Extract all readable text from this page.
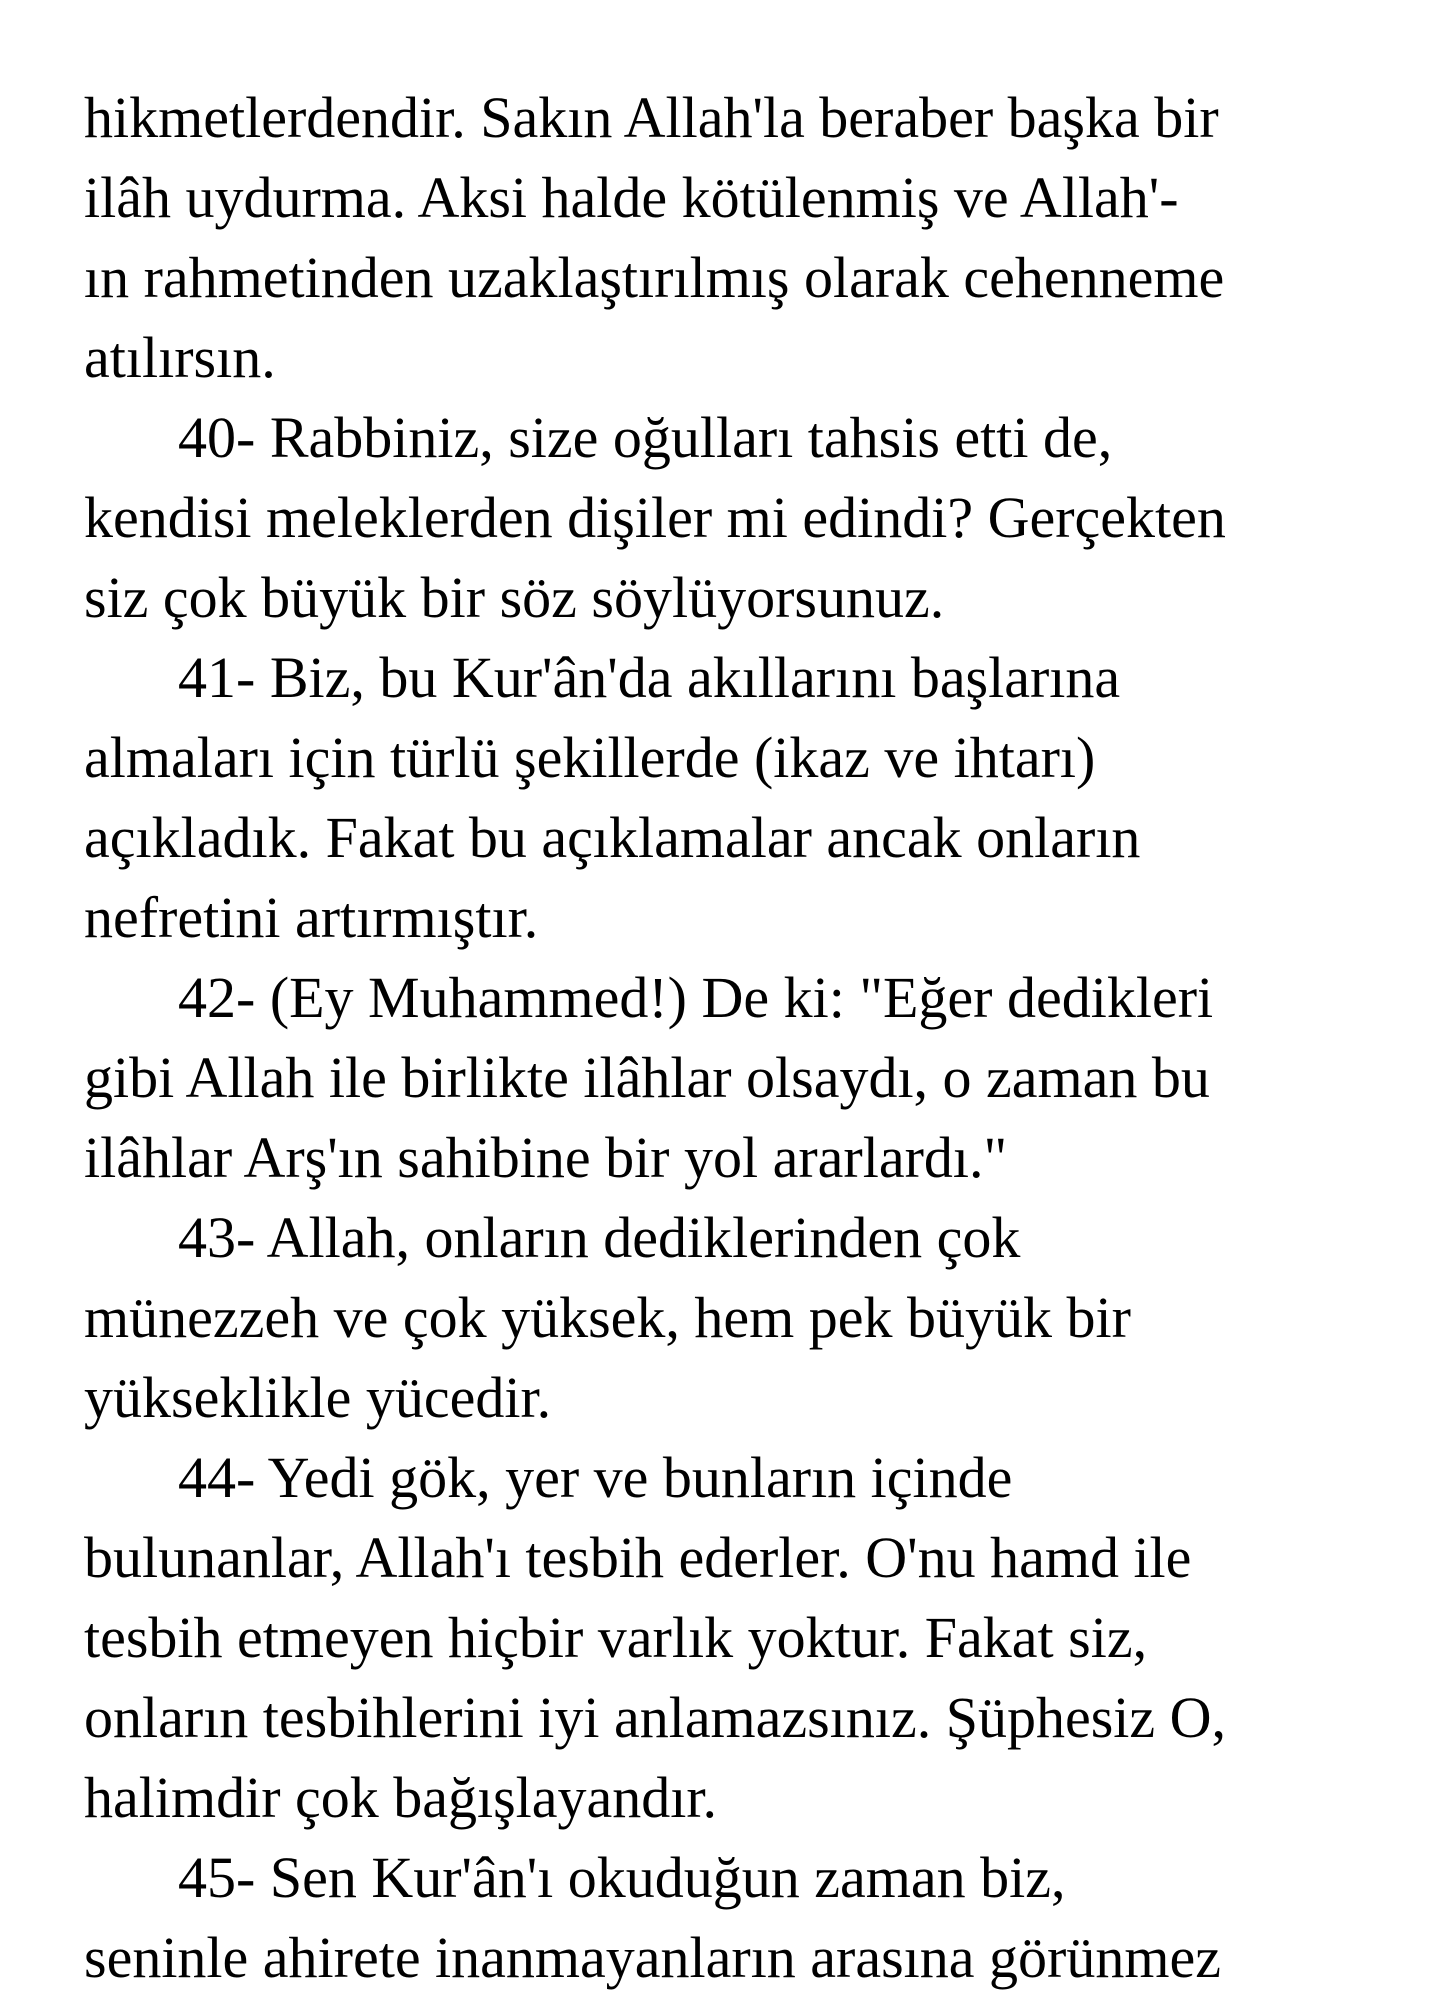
hikmetlerdendir. Sakın Allah'la beraber başka bir
ilâh uydurma. Aksi halde kötülenmiş ve Allah'-
ın rahmetinden uzaklaştırılmış olarak cehenneme
atılırsın.
40- Rabbiniz, size oğulları tahsis etti de,
kendisi meleklerden dişiler mi edindi? Gerçekten
siz çok büyük bir söz söylüyorsunuz.
41- Biz, bu Kur'ân'da akıllarını başlarına
almaları için türlü şekillerde (ikaz ve ihtarı)
açıkladık. Fakat bu açıklamalar ancak onların
nefretini artırmıştır.
42- (Ey Muhammed!) De ki: "Eğer dedikleri
gibi Allah ile birlikte ilâhlar olsaydı, o zaman bu
ilâhlar Arş'ın sahibine bir yol ararlardı."
43- Allah, onların dediklerinden çok
münezzeh ve çok yüksek, hem pek büyük bir
yükseklikle yücedir.
44- Yedi gök, yer ve bunların içinde
bulunanlar, Allah'ı tesbih ederler. O'nu hamd ile
tesbih etmeyen hiçbir varlık yoktur. Fakat siz,
onların tesbihlerini iyi anlamazsınız. Şüphesiz O,
halimdir çok bağışlayandır.
45- Sen Kur'ân'ı okuduğun zaman biz,
seninle ahirete inanmayanların arasına görünmez
